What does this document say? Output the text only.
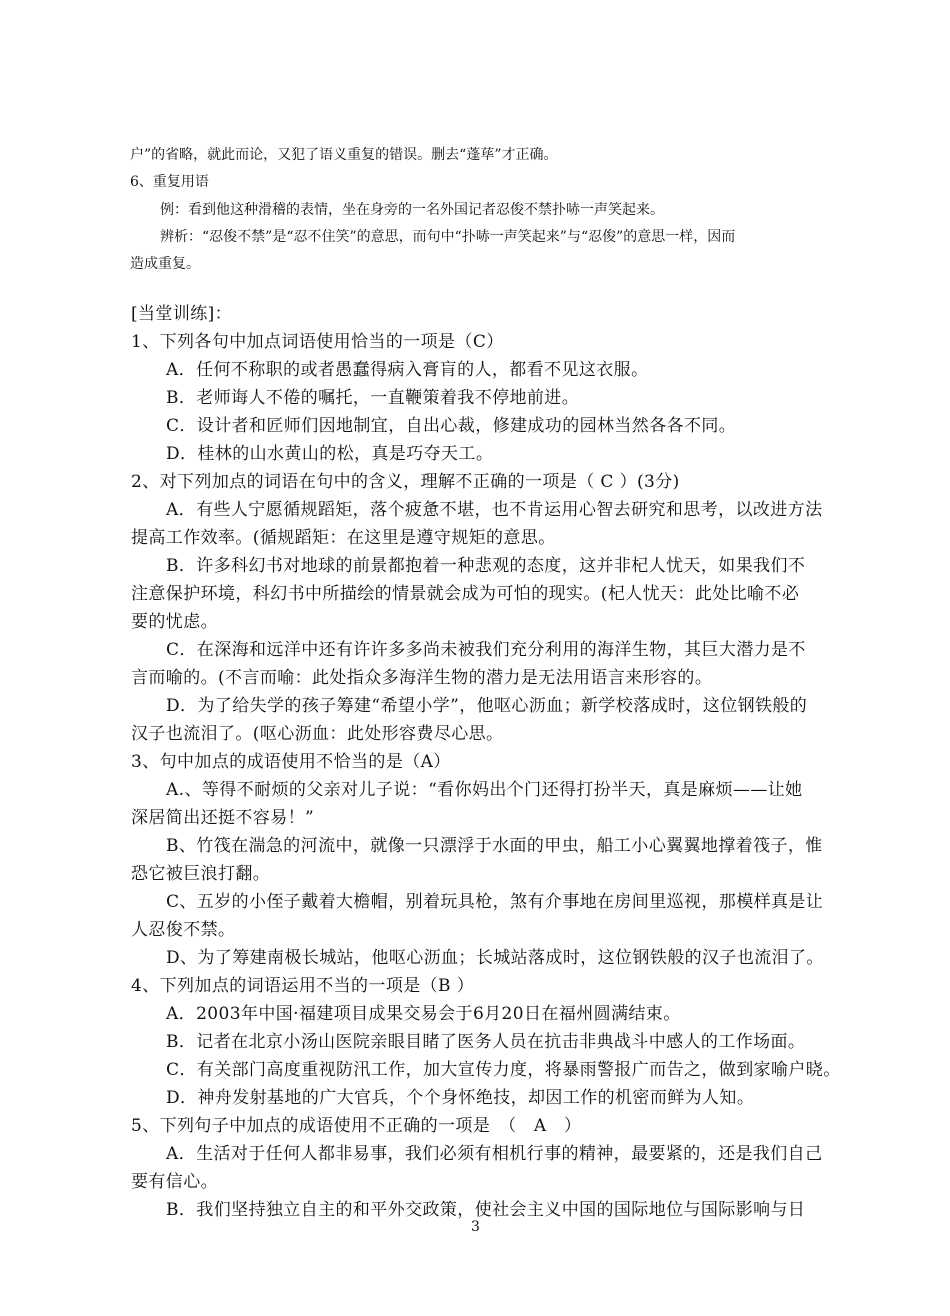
户”的省略，就此而论，又犯了语义重复的错误。删去“蓬荜”才正确。
6、重复用语
例：看到他这种滑稽的表情，坐在身旁的一名外国记者忍俊不禁扑哧一声笑起来。
辨析：“忍俊不禁”是“忍不住笑”的意思，而句中“扑哧一声笑起来”与“忍俊”的意思一样，因而
造成重复。
[当堂训练]：
1、下列各句中加点词语使用恰当的一项是（C）
A．任何不称职的或者愚蠢得病入膏肓的人，都看不见这衣服。
B．老师诲人不倦的嘱托，一直鞭策着我不停地前进。
C．设计者和匠师们因地制宜，自出心裁，修建成功的园林当然各各不同。
D．桂林的山水黄山的松，真是巧夺天工。
2、对下列加点的词语在句中的含义，理解不正确的一项是（ C ）(3分)
A．有些人宁愿循规蹈矩，落个疲惫不堪，也不肯运用心智去研究和思考，以改进方法
提高工作效率。(循规蹈矩：在这里是遵守规矩的意思。
B．许多科幻书对地球的前景都抱着一种悲观的态度，这并非杞人忧天，如果我们不
注意保护环境，科幻书中所描绘的情景就会成为可怕的现实。(杞人忧天：此处比喻不必
要的忧虑。
C．在深海和远洋中还有许许多多尚未被我们充分利用的海洋生物，其巨大潜力是不
言而喻的。(不言而喻：此处指众多海洋生物的潜力是无法用语言来形容的。
D．为了给失学的孩子筹建“希望小学”，他呕心沥血；新学校落成时，这位钢铁般的
汉子也流泪了。(呕心沥血：此处形容费尽心思。
3、句中加点的成语使用不恰当的是（A）
A.、等得不耐烦的父亲对儿子说：“看你妈出个门还得打扮半天，真是麻烦——让她
深居简出还挺不容易！”
B、竹筏在湍急的河流中，就像一只漂浮于水面的甲虫，船工小心翼翼地撑着筏子，惟
恐它被巨浪打翻。
C、五岁的小侄子戴着大檐帽，别着玩具枪，煞有介事地在房间里巡视，那模样真是让
人忍俊不禁。
D、为了筹建南极长城站，他呕心沥血；长城站落成时，这位钢铁般的汉子也流泪了。
4、下列加点的词语运用不当的一项是（B ）
A．2003年中国·福建项目成果交易会于6月20日在福州圆满结束。
B．记者在北京小汤山医院亲眼目睹了医务人员在抗击非典战斗中感人的工作场面。
C．有关部门高度重视防汛工作，加大宣传力度，将暴雨警报广而告之，做到家喻户晓。
D．神舟发射基地的广大官兵，个个身怀绝技，却因工作的机密而鲜为人知。
5、下列句子中加点的成语使用不正确的一项是　（　A　）
A．生活对于任何人都非易事，我们必须有相机行事的精神，最要紧的，还是我们自己
要有信心。
B．我们坚持独立自主的和平外交政策，使社会主义中国的国际地位与国际影响与日
3
